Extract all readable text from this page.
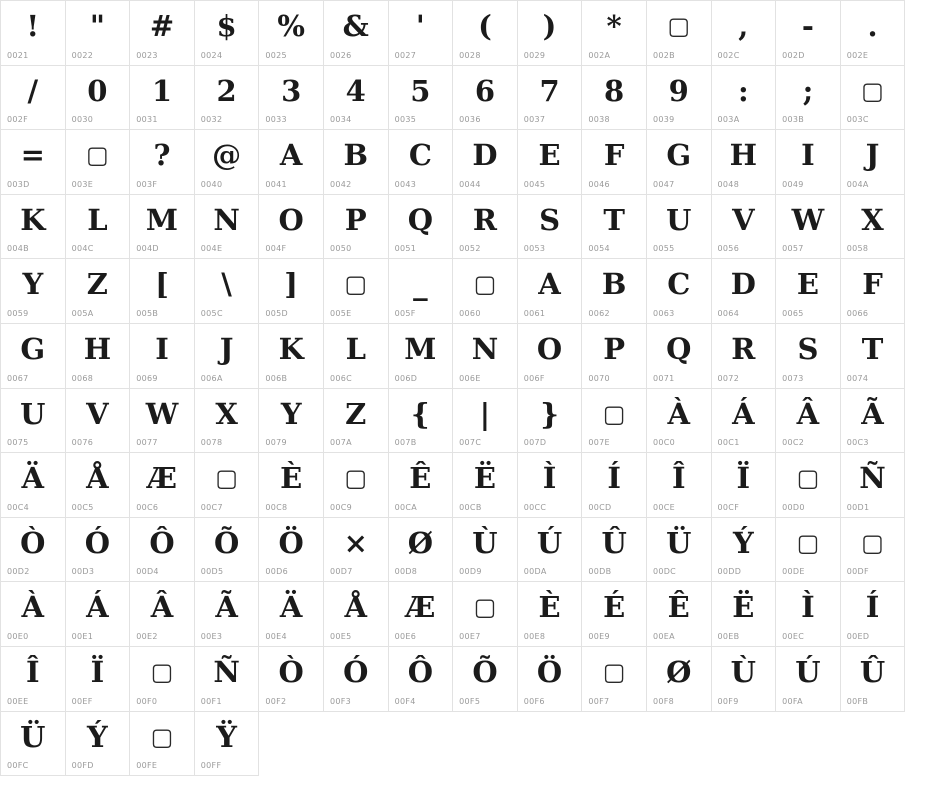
!
0021
"
0022
#
0023
$
0024
%
0025
&
0026
'
0027
(
0028
)
0029
*
002A
▢
002B
,
002C
-
002D
.
002E
/
002F
0
0030
1
0031
2
0032
3
0033
4
0034
5
0035
6
0036
7
0037
8
0038
9
0039
:
003A
;
003B
▢
003C
=
003D
▢
003E
?
003F
@
0040
A
0041
B
0042
C
0043
D
0044
E
0045
F
0046
G
0047
H
0048
I
0049
J
004A
K
004B
L
004C
M
004D
N
004E
O
004F
P
0050
Q
0051
R
0052
S
0053
T
0054
U
0055
V
0056
W
0057
X
0058
Y
0059
Z
005A
[
005B
\
005C
]
005D
▢
005E
_
005F
▢
0060
A
0061
B
0062
C
0063
D
0064
E
0065
F
0066
G
0067
H
0068
I
0069
J
006A
K
006B
L
006C
M
006D
N
006E
O
006F
P
0070
Q
0071
R
0072
S
0073
T
0074
U
0075
V
0076
W
0077
X
0078
Y
0079
Z
007A
{
007B
|
007C
}
007D
▢
007E
À
00C0
Á
00C1
Â
00C2
Ã
00C3
Ä
00C4
Å
00C5
Æ
00C6
▢
00C7
È
00C8
▢
00C9
Ê
00CA
Ë
00CB
Ì
00CC
Í
00CD
Î
00CE
Ï
00CF
▢
00D0
Ñ
00D1
Ò
00D2
Ó
00D3
Ô
00D4
Õ
00D5
Ö
00D6
×
00D7
Ø
00D8
Ù
00D9
Ú
00DA
Û
00DB
Ü
00DC
Ý
00DD
▢
00DE
▢
00DF
À
00E0
Á
00E1
Â
00E2
Ã
00E3
Ä
00E4
Å
00E5
Æ
00E6
▢
00E7
È
00E8
É
00E9
Ê
00EA
Ë
00EB
Ì
00EC
Í
00ED
Î
00EE
Ï
00EF
▢
00F0
Ñ
00F1
Ò
00F2
Ó
00F3
Ô
00F4
Õ
00F5
Ö
00F6
▢
00F7
Ø
00F8
Ù
00F9
Ú
00FA
Û
00FB
Ü
00FC
Ý
00FD
▢
00FE
Ÿ
00FF
